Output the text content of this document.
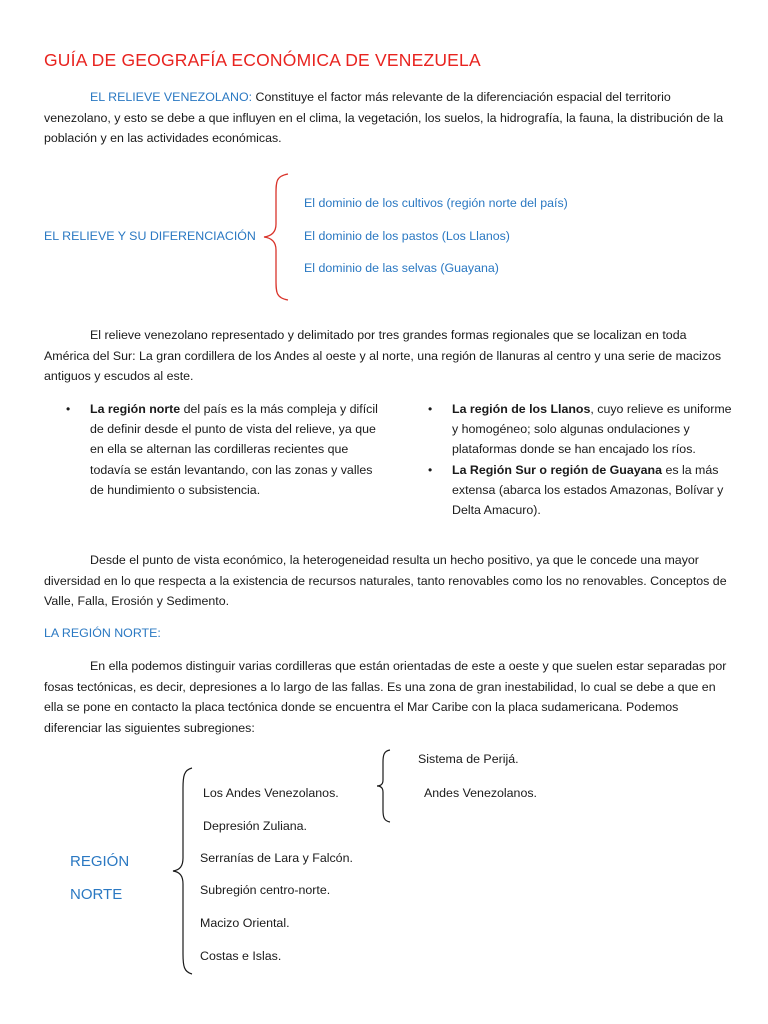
GUÍA DE GEOGRAFÍA ECONÓMICA DE VENEZUELA
EL RELIEVE VENEZOLANO: Constituye el factor más relevante de la diferenciación espacial del territorio venezolano, y esto se debe a que influyen en el clima, la vegetación, los suelos, la hidrografía, la fauna, la distribución de la población y en las actividades económicas.
EL RELIEVE Y SU DIFERENCIACIÓN
El dominio de los cultivos (región norte del país)
El dominio de los pastos (Los Llanos)
El dominio de las selvas (Guayana)
El relieve venezolano representado y delimitado por tres grandes formas regionales que se localizan en toda América del Sur: La gran cordillera de los Andes al oeste y al norte, una región de llanuras al centro y una serie de macizos antiguos y escudos al este.
• La región norte del país es la más compleja y difícil de definir desde el punto de vista del relieve, ya que en ella se alternan las cordilleras recientes que todavía se están levantando, con las zonas y valles de hundimiento o subsistencia.
• La región de los Llanos, cuyo relieve es uniforme y homogéneo; solo algunas ondulaciones y plataformas donde se han encajado los ríos.
• La Región Sur o región de Guayana es la más extensa (abarca los estados Amazonas, Bolívar y Delta Amacuro).
Desde el punto de vista económico, la heterogeneidad resulta un hecho positivo, ya que le concede una mayor diversidad en lo que respecta a la existencia de recursos naturales, tanto renovables como los no renovables. Conceptos de Valle, Falla, Erosión y Sedimento.
LA REGIÓN NORTE:
En ella podemos distinguir varias cordilleras que están orientadas de este a oeste y que suelen estar separadas por fosas tectónicas, es decir, depresiones a lo largo de las fallas. Es una zona de gran inestabilidad, lo cual se debe a que en ella se pone en contacto la placa tectónica donde se encuentra el Mar Caribe con la placa sudamericana. Podemos diferenciar las siguientes subregiones:
REGIÓN
NORTE
Los Andes Venezolanos.
Depresión Zuliana.
Serranías de Lara y Falcón.
Subregión centro-norte.
Macizo Oriental.
Costas e Islas.
Sistema de Perijá.
Andes Venezolanos.
